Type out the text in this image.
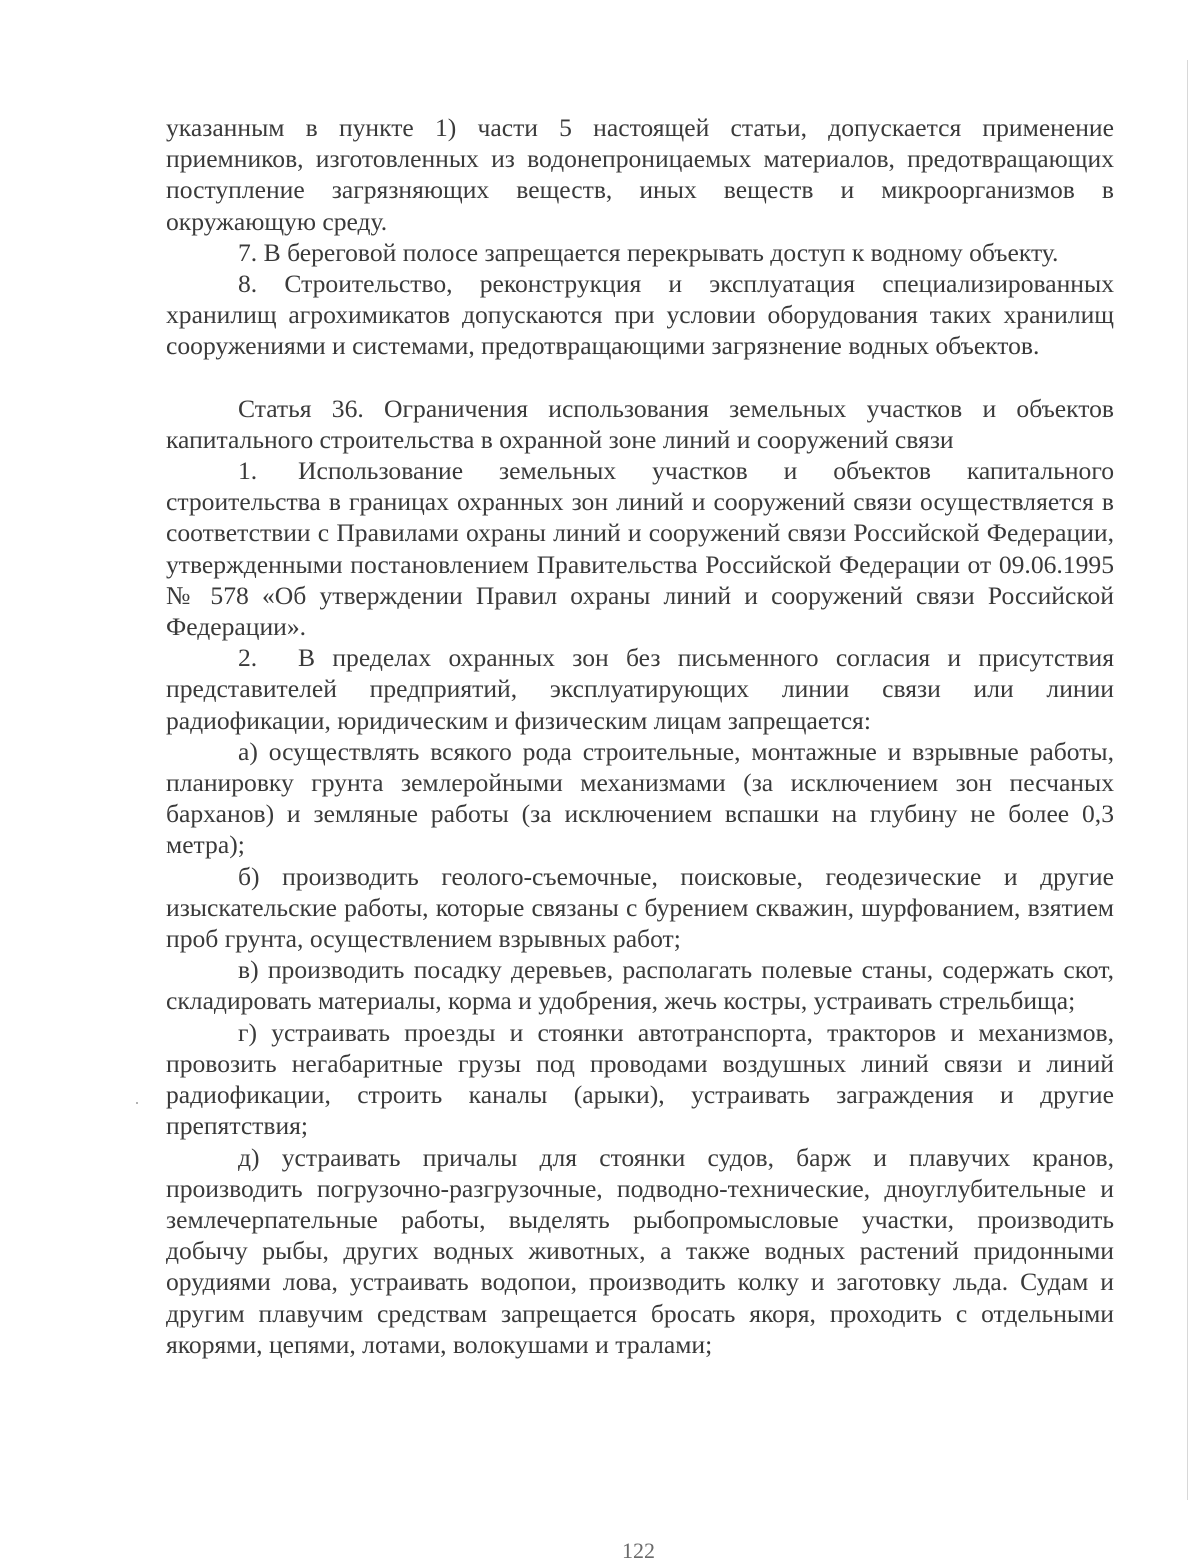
указанным в пункте 1) части 5 настоящей статьи, допускается применение приемников, изготовленных из водонепроницаемых материалов, предотвращающих поступление загрязняющих веществ, иных веществ и микроорганизмов в окружающую среду.

7. В береговой полосе запрещается перекрывать доступ к водному объекту.

8. Строительство, реконструкция и эксплуатация специализированных хранилищ агрохимикатов допускаются при условии оборудования таких хранилищ сооружениями и системами, предотвращающими загрязнение водных объектов.

Статья 36. Ограничения использования земельных участков и объектов капитального строительства в охранной зоне линий и сооружений связи

1. Использование земельных участков и объектов капитального строительства в границах охранных зон линий и сооружений связи осуществляется в соответствии с Правилами охраны линий и сооружений связи Российской Федерации, утвержденными постановлением Правительства Российской Федерации от 09.06.1995 № 578 «Об утверждении Правил охраны линий и сооружений связи Российской Федерации».

2. В пределах охранных зон без письменного согласия и присутствия представителей предприятий, эксплуатирующих линии связи или линии радиофикации, юридическим и физическим лицам запрещается:

а) осуществлять всякого рода строительные, монтажные и взрывные работы, планировку грунта землеройными механизмами (за исключением зон песчаных барханов) и земляные работы (за исключением вспашки на глубину не более 0,3 метра);

б) производить геолого-съемочные, поисковые, геодезические и другие изыскательские работы, которые связаны с бурением скважин, шурфованием, взятием проб грунта, осуществлением взрывных работ;

в) производить посадку деревьев, располагать полевые станы, содержать скот, складировать материалы, корма и удобрения, жечь костры, устраивать стрельбища;

г) устраивать проезды и стоянки автотранспорта, тракторов и механизмов, провозить негабаритные грузы под проводами воздушных линий связи и линий радиофикации, строить каналы (арыки), устраивать заграждения и другие препятствия;

д) устраивать причалы для стоянки судов, барж и плавучих кранов, производить погрузочно-разгрузочные, подводно-технические, дноуглубительные и землечерпательные работы, выделять рыбопромысловые участки, производить добычу рыбы, других водных животных, а также водных растений придонными орудиями лова, устраивать водопои, производить колку и заготовку льда. Судам и другим плавучим средствам запрещается бросать якоря, проходить с отдельными якорями, цепями, лотами, волокушами и тралами;

122
